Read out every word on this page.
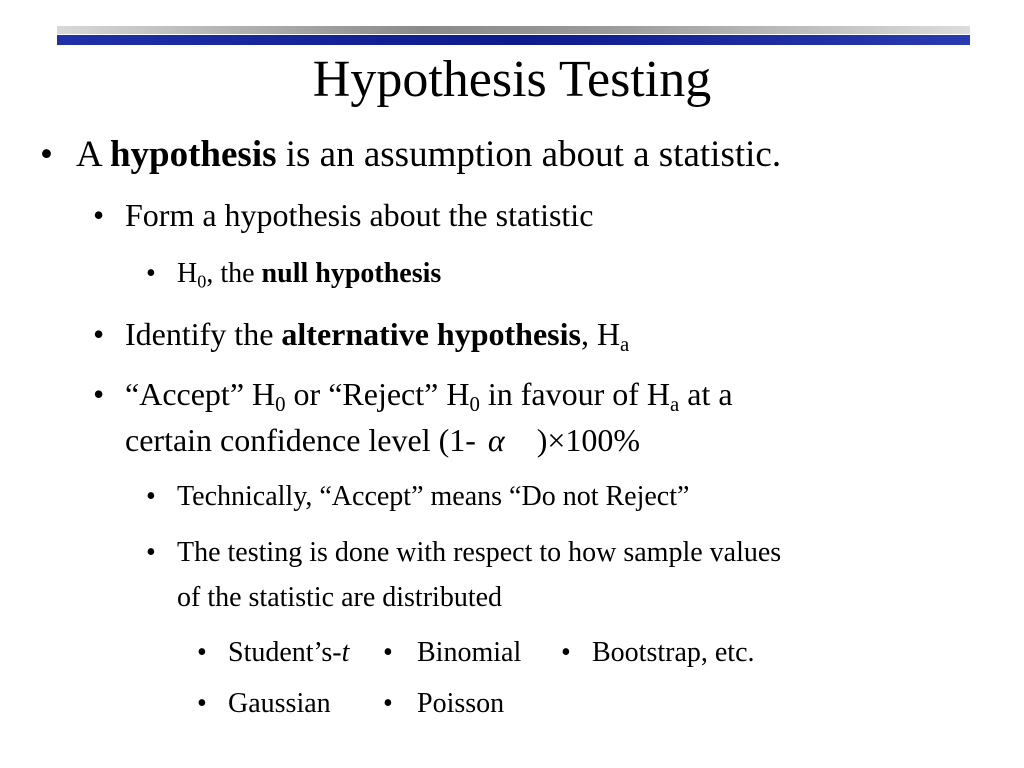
Hypothesis Testing
• A hypothesis is an assumption about a statistic.
• Form a hypothesis about the statistic
• $H_0$, the null hypothesis
• Identify the alternative hypothesis, $H_a$
• “Accept” $H_0$ or “Reject” $H_0$ in favour of $H_a$ at a
certain confidence level (1- α )×100%
• Technically, “Accept” means “Do not Reject”
• The testing is done with respect to how sample values
of the statistic are distributed
• Student’s-t • Binomial • Bootstrap, etc.
• Gaussian • Poisson
